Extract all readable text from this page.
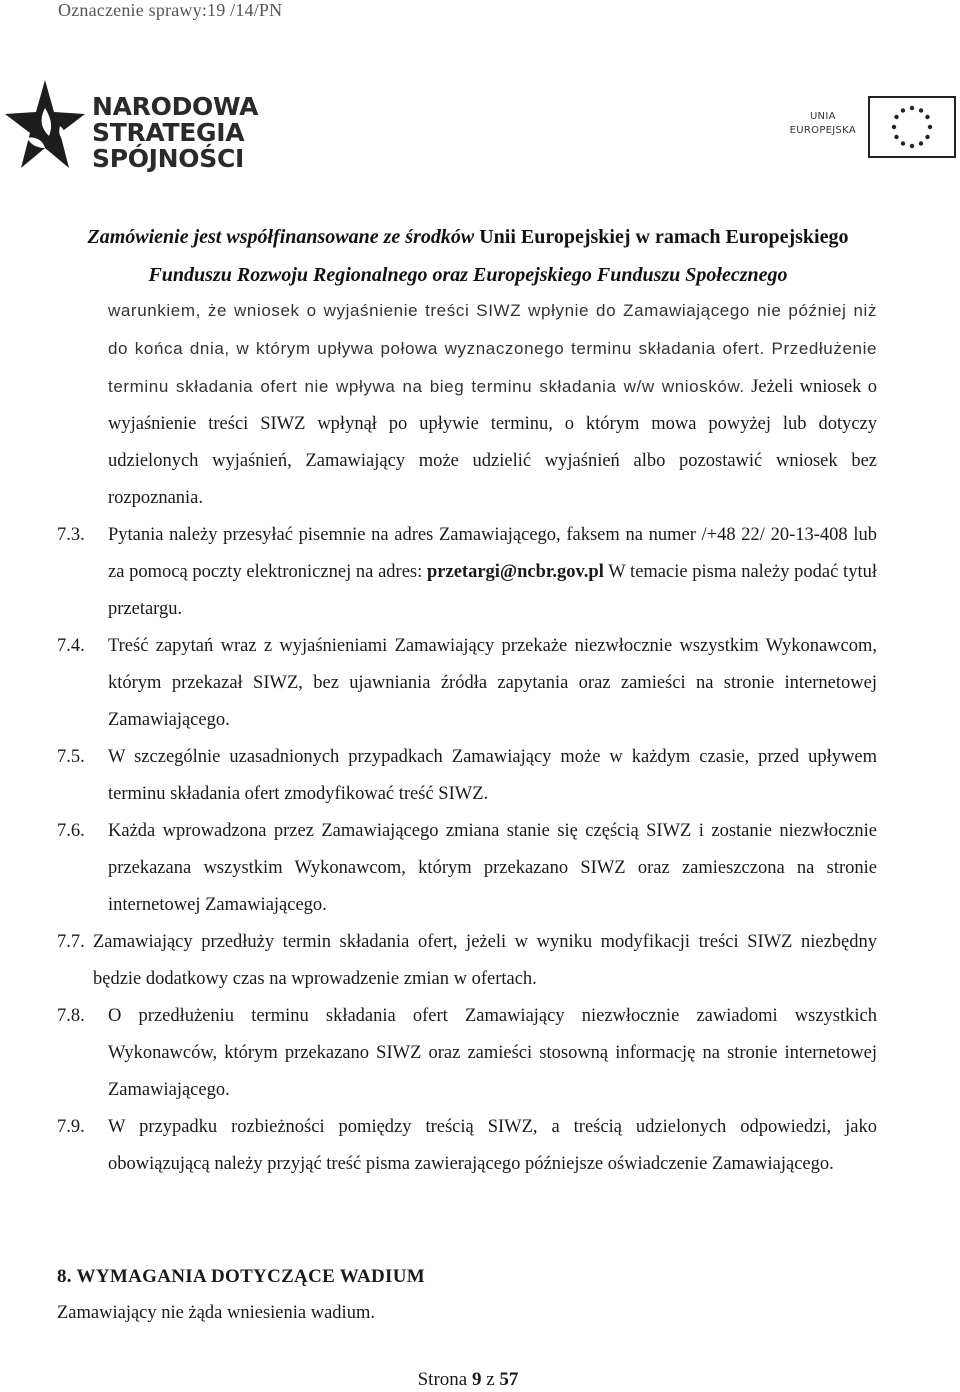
Oznaczenie sprawy:19 /14/PN
NARODOWA
STRATEGIA SPÓJNOŚCI
UNIA
EUROPEJSKA
Zamówienie jest współfinansowane ze środków Unii Europejskiej w ramach Europejskiego
Funduszu Rozwoju Regionalnego oraz Europejskiego Funduszu Społecznego
warunkiem, że wniosek o wyjaśnienie treści SIWZ wpłynie do Zamawiającego nie później niż do końca dnia, w którym upływa połowa wyznaczonego terminu składania ofert. Przedłużenie terminu składania ofert nie wpływa na bieg terminu składania w/w wniosków. Jeżeli wniosek o wyjaśnienie treści SIWZ wpłynął po upływie terminu, o którym mowa powyżej lub dotyczy udzielonych wyjaśnień, Zamawiający może udzielić wyjaśnień albo pozostawić wniosek bez rozpoznania.
7.3.	Pytania należy przesyłać pisemnie na adres Zamawiającego, faksem na numer /+48 22/ 20-13-408 lub za pomocą poczty elektronicznej na adres: przetargi@ncbr.gov.pl W temacie pisma należy podać tytuł przetargu.
7.4.	Treść zapytań wraz z wyjaśnieniami Zamawiający przekaże niezwłocznie wszystkim Wykonawcom, którym przekazał SIWZ, bez ujawniania źródła zapytania oraz zamieści na stronie internetowej Zamawiającego.
7.5.	W szczególnie uzasadnionych przypadkach Zamawiający może w każdym czasie, przed upływem terminu składania ofert zmodyfikować treść SIWZ.
7.6.	Każda wprowadzona przez Zamawiającego zmiana stanie się częścią SIWZ i zostanie niezwłocznie przekazana wszystkim Wykonawcom, którym przekazano SIWZ oraz zamieszczona na stronie internetowej Zamawiającego.
7.7. Zamawiający przedłuży termin składania ofert, jeżeli w wyniku modyfikacji treści SIWZ niezbędny będzie dodatkowy czas na wprowadzenie zmian w ofertach.
7.8.	O przedłużeniu terminu składania ofert Zamawiający niezwłocznie zawiadomi wszystkich Wykonawców, którym przekazano SIWZ oraz zamieści stosowną informację na stronie internetowej Zamawiającego.
7.9.	W przypadku rozbieżności pomiędzy treścią SIWZ, a treścią udzielonych odpowiedzi, jako obowiązującą należy przyjąć treść pisma zawierającego późniejsze oświadczenie Zamawiającego.
8. WYMAGANIA DOTYCZĄCE WADIUM
Zamawiający nie żąda wniesienia wadium.
Strona 9 z 57
